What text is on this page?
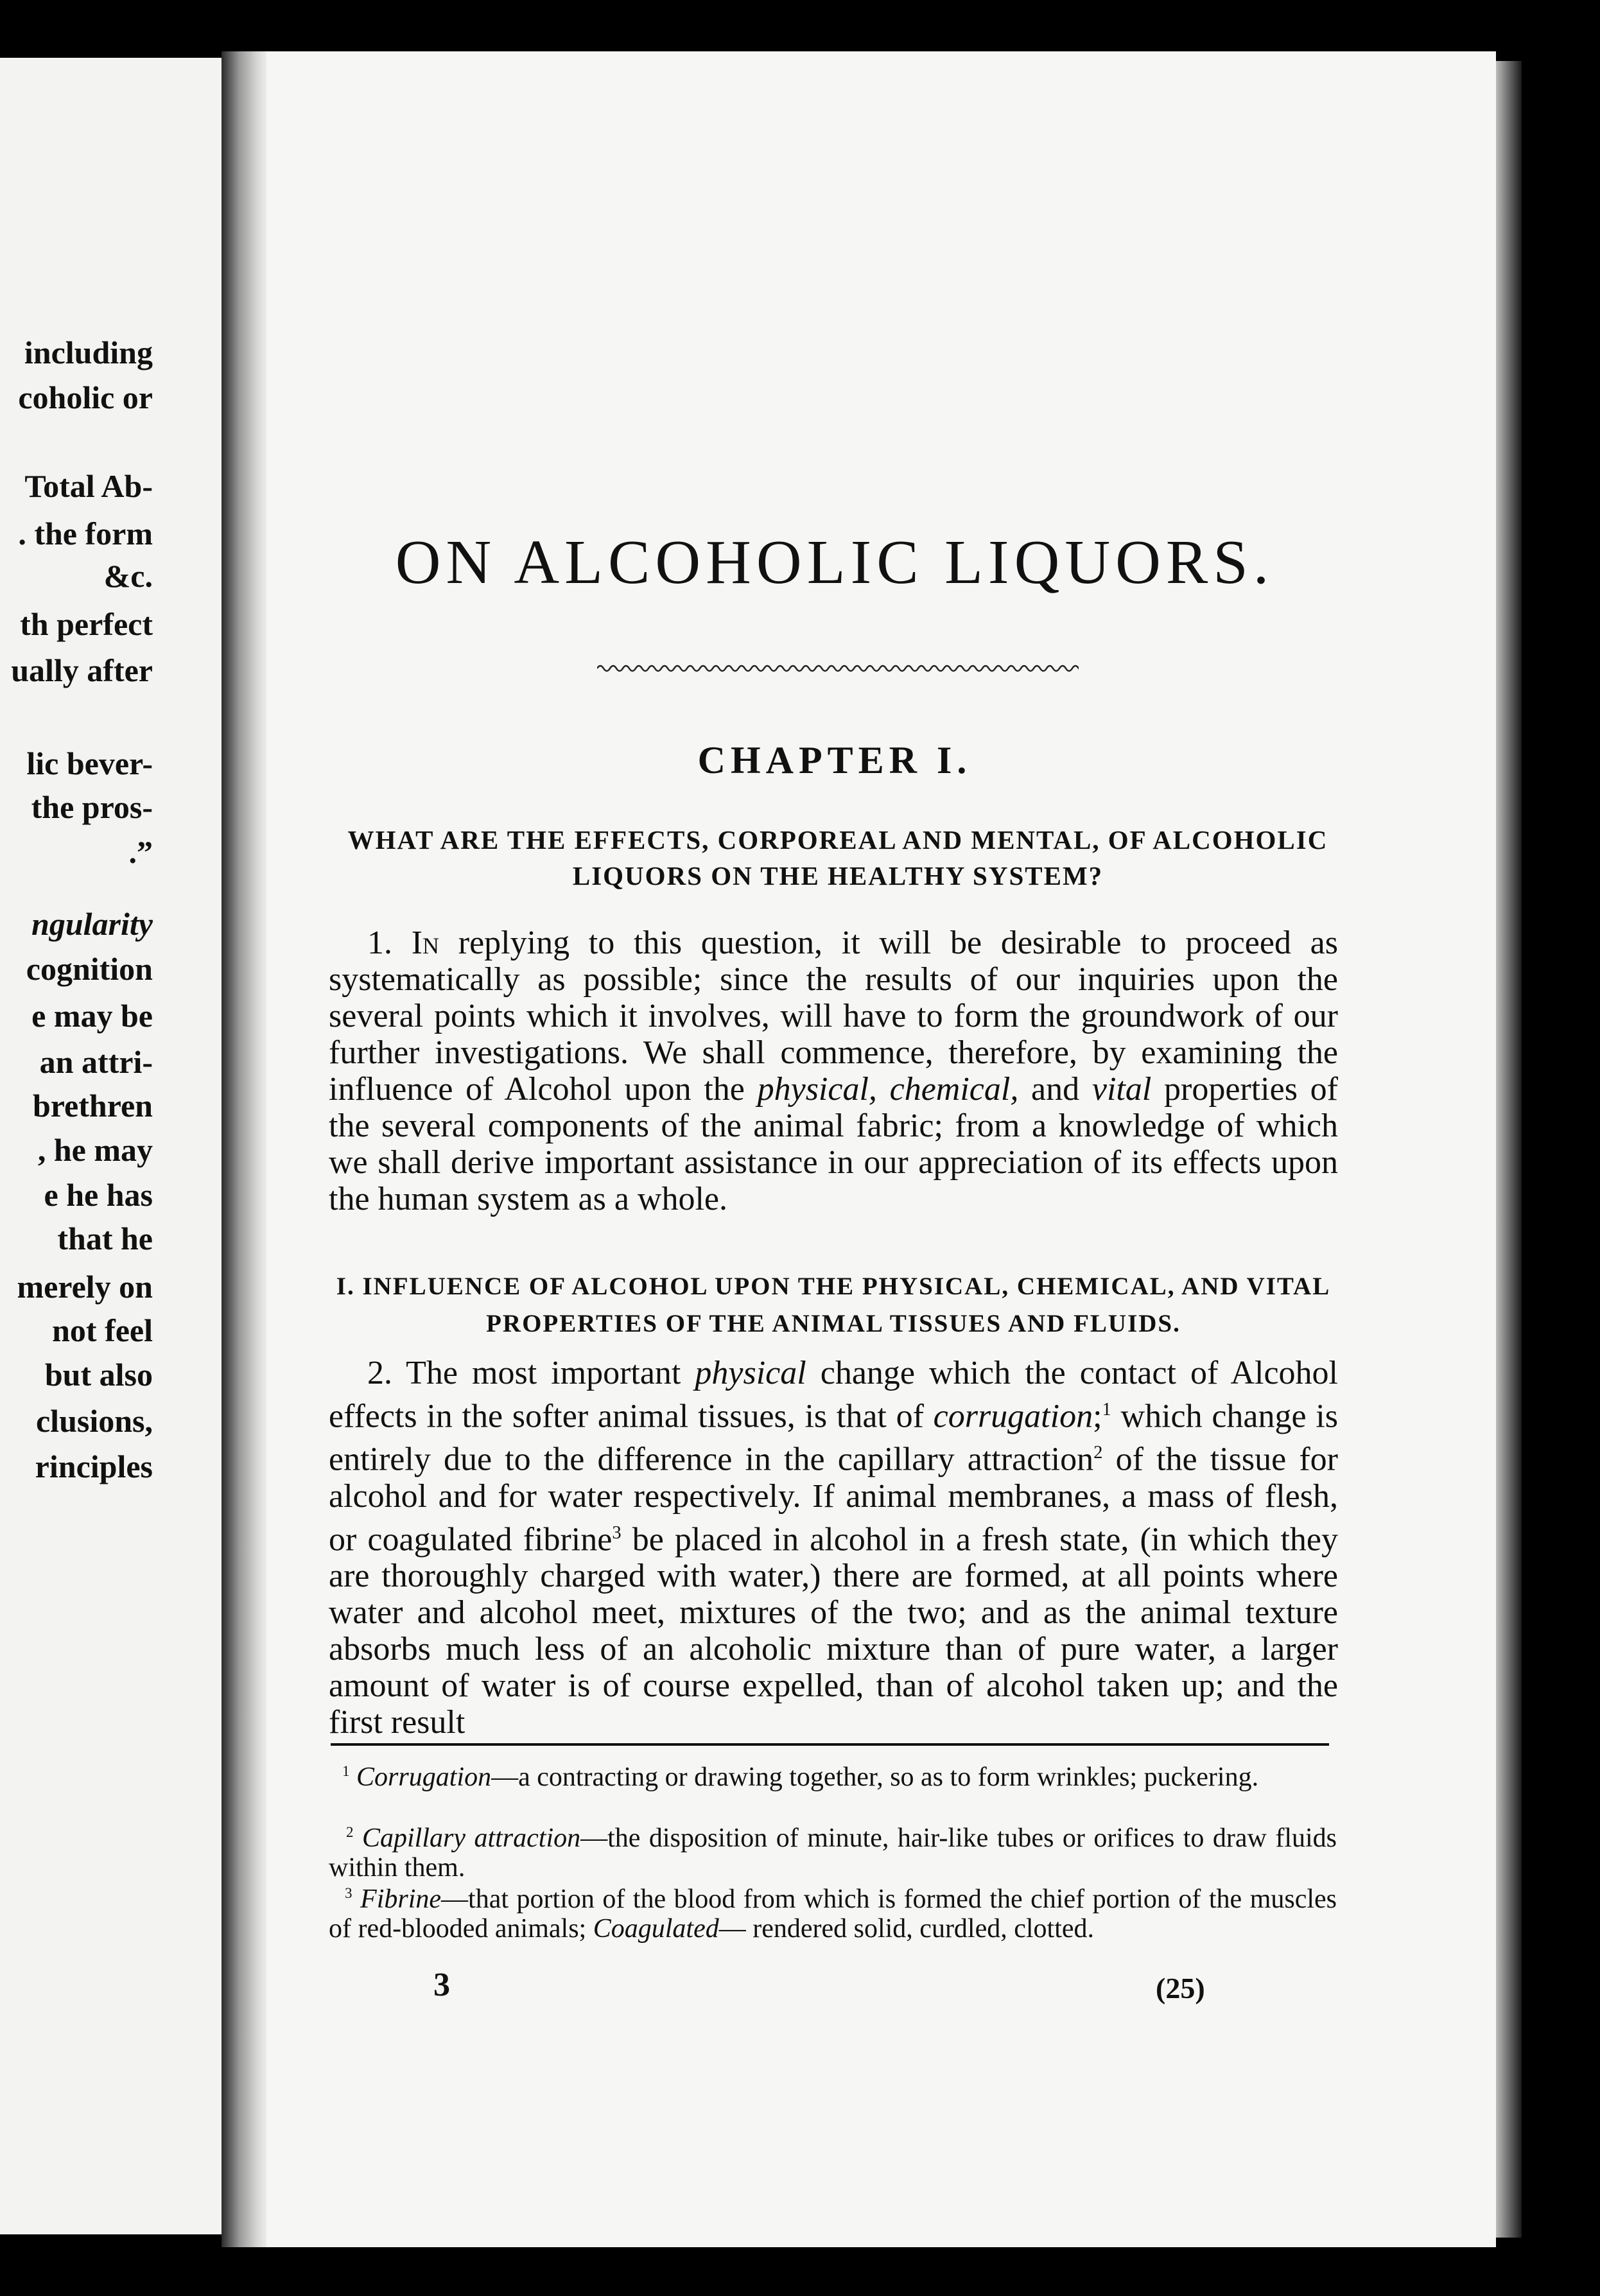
including
coholic or
Total Ab-
. the form
&c.
th perfect
ually after
lic bever-
the pros-
.”
ngularity
cognition
e may be
an attri-
brethren
, he may
e he has
that he
merely on
not feel
but also
clusions,
rinciples
ON ALCOHOLIC LIQUORS.
CHAPTER I.
WHAT ARE THE EFFECTS, CORPOREAL AND MENTAL, OF ALCOHOLIC LIQUORS ON THE HEALTHY SYSTEM?
1. In replying to this question, it will be desirable to proceed as systematically as possible; since the results of our inquiries upon the several points which it involves, will have to form the groundwork of our further investigations. We shall commence, therefore, by examining the influence of Alcohol upon the physical, chemical, and vital properties of the several components of the animal fabric; from a knowledge of which we shall derive important assistance in our appreciation of its effects upon the human system as a whole.
I. INFLUENCE OF ALCOHOL UPON THE PHYSICAL, CHEMICAL, AND VITAL PROPERTIES OF THE ANIMAL TISSUES AND FLUIDS.
2. The most important physical change which the contact of Alcohol effects in the softer animal tissues, is that of corrugation;$^1$ which change is entirely due to the difference in the capillary attraction$^2$ of the tissue for alcohol and for water respectively. If animal membranes, a mass of flesh, or coagulated fibrine$^3$ be placed in alcohol in a fresh state, (in which they are thoroughly charged with water,) there are formed, at all points where water and alcohol meet, mixtures of the two; and as the animal texture absorbs much less of an alcoholic mixture than of pure water, a larger amount of water is of course expelled, than of alcohol taken up; and the first result
$^1$ Corrugation—a contracting or drawing together, so as to form wrinkles; puckering.
$^2$ Capillary attraction—the disposition of minute, hair-like tubes or orifices to draw fluids within them.
$^3$ Fibrine—that portion of the blood from which is formed the chief portion of the muscles of red-blooded animals; Coagulated— rendered solid, curdled, clotted.
3	(25)
